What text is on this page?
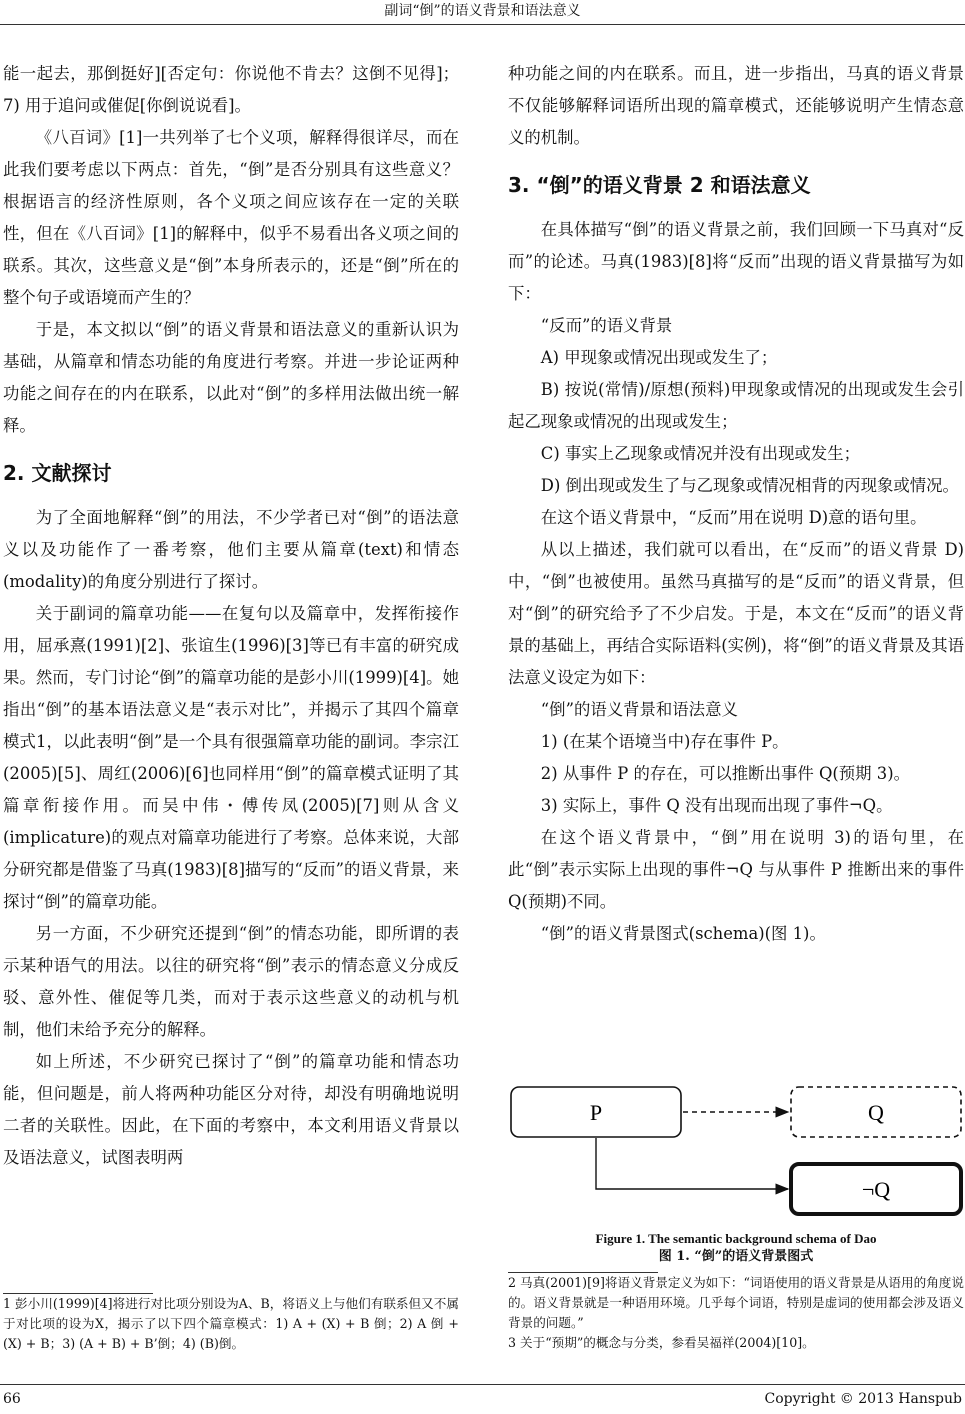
副词“倒”的语义背景和语法意义

能一起去，那倒挺好][否定句：你说他不肯去？这倒不见得]；7) 用于追问或催促[你倒说说看]。

《八百词》[1]一共列举了七个义项，解释得很详尽，而在此我们要考虑以下两点：首先，“倒”是否分别具有这些意义？根据语言的经济性原则，各个义项之间应该存在一定的关联性，但在《八百词》[1]的解释中，似乎不易看出各义项之间的联系。其次，这些意义是“倒”本身所表示的，还是“倒”所在的整个句子或语境而产生的？

于是，本文拟以“倒”的语义背景和语法意义的重新认识为基础，从篇章和情态功能的角度进行考察。并进一步论证两种功能之间存在的内在联系，以此对“倒”的多样用法做出统一解释。

2. 文献探讨

为了全面地解释“倒”的用法，不少学者已对“倒”的语法意义以及功能作了一番考察，他们主要从篇章(text)和情态(modality)的角度分别进行了探讨。

关于副词的篇章功能——在复句以及篇章中，发挥衔接作用，屈承熹(1991)[2]、张谊生(1996)[3]等已有丰富的研究成果。然而，专门讨论“倒”的篇章功能的是彭小川(1999)[4]。她指出“倒”的基本语法意义是“表示对比”，并揭示了其四个篇章模式1，以此表明“倒”是一个具有很强篇章功能的副词。李宗江(2005)[5]、周红(2006)[6]也同样用“倒”的篇章模式证明了其篇章衔接作用。而吴中伟・傅传凤(2005)[7]则从含义(implicature)的观点对篇章功能进行了考察。总体来说，大部分研究都是借鉴了马真(1983)[8]描写的“反而”的语义背景，来探讨“倒”的篇章功能。

另一方面，不少研究还提到“倒”的情态功能，即所谓的表示某种语气的用法。以往的研究将“倒”表示的情态意义分成反驳、意外性、催促等几类，而对于表示这些意义的动机与机制，他们未给予充分的解释。

如上所述，不少研究已探讨了“倒”的篇章功能和情态功能，但问题是，前人将两种功能区分对待，却没有明确地说明二者的关联性。因此，在下面的考察中，本文利用语义背景以及语法意义，试图表明两

1 彭小川(1999)[4]将进行对比项分别设为A、B，将语义上与他们有联系但又不属于对比项的设为X，揭示了以下四个篇章模式：1) A + (X) + B 倒；2) A 倒 + (X) + B；3) (A + B) + B’倒；4) (B)倒。

种功能之间的内在联系。而且，进一步指出，马真的语义背景不仅能够解释词语所出现的篇章模式，还能够说明产生情态意义的机制。

3. “倒”的语义背景 2 和语法意义

在具体描写“倒”的语义背景之前，我们回顾一下马真对“反而”的论述。马真(1983)[8]将“反而”出现的语义背景描写为如下：

“反而”的语义背景

A) 甲现象或情况出现或发生了；

B) 按说(常情)/原想(预料)甲现象或情况的出现或发生会引起乙现象或情况的出现或发生；

C) 事实上乙现象或情况并没有出现或发生；

D) 倒出现或发生了与乙现象或情况相背的丙现象或情况。

在这个语义背景中，“反而”用在说明 D)意的语句里。

从以上描述，我们就可以看出，在“反而”的语义背景 D)中，“倒”也被使用。虽然马真描写的是“反而”的语义背景，但对“倒”的研究给予了不少启发。于是，本文在“反而”的语义背景的基础上，再结合实际语料(实例)，将“倒”的语义背景及其语法意义设定为如下：

“倒”的语义背景和语法意义

1) (在某个语境当中)存在事件 P。

2) 从事件 P 的存在，可以推断出事件 Q(预期 3)。

3) 实际上，事件 Q 没有出现而出现了事件¬Q。

在这个语义背景中，“倒”用在说明 3)的语句里，在此“倒”表示实际上出现的事件¬Q 与从事件 P 推断出来的事件 Q(预期)不同。

“倒”的语义背景图式(schema)(图 1)。

P	Q
¬Q
Figure 1. The semantic background schema of Dao
图 1. “倒”的语义背景图式

2 马真(2001)[9]将语义背景定义为如下：“词语使用的语义背景是从语用的角度说的。语义背景就是一种语用环境。几乎每个词语，特别是虚词的使用都会涉及语义背景的问题。”

3 关于“预期”的概念与分类，参看吴福祥(2004)[10]。

66	Copyright © 2013 Hanspub
